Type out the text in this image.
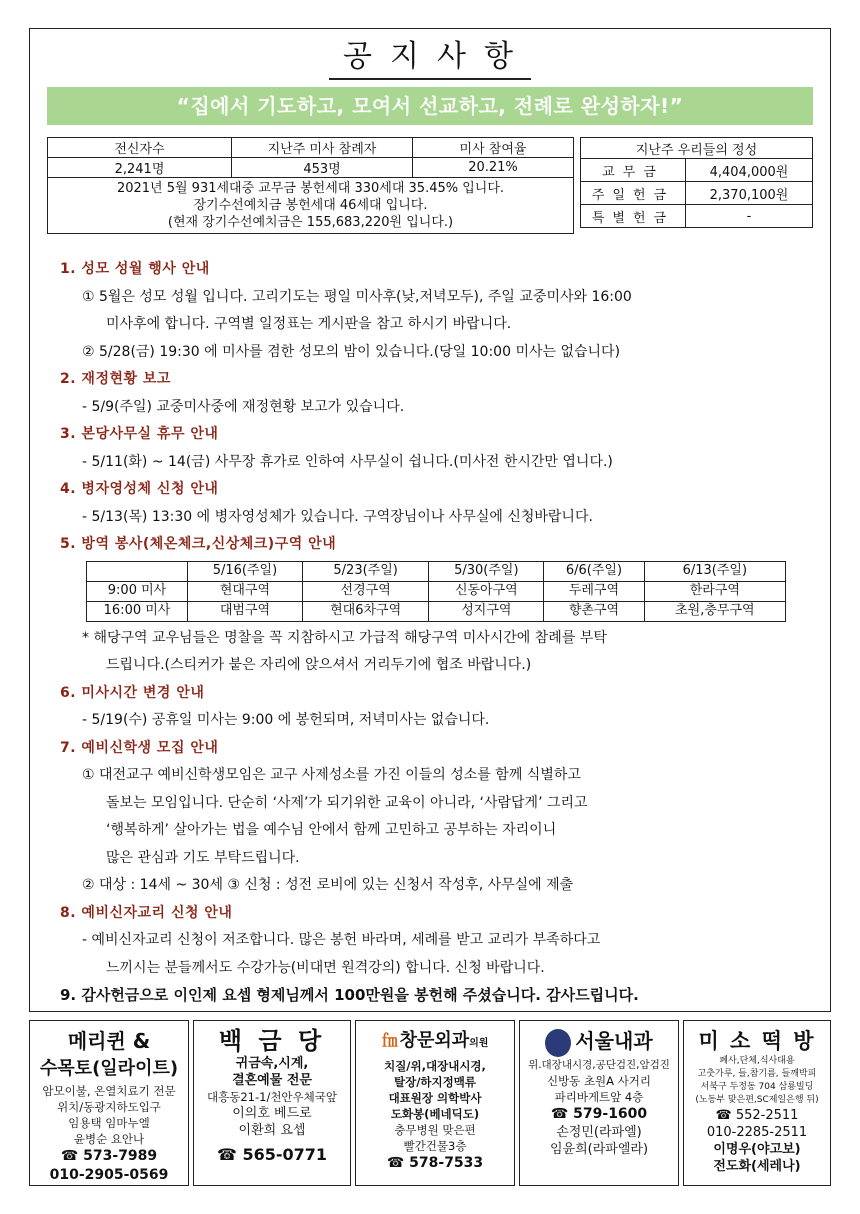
공지사항
“집에서 기도하고, 모여서 선교하고, 전례로 완성하자!”
전신자수	지난주 미사 참례자	미사 참여율
2,241명	453명	20.21%

2021년 5월 931세대중 교무금 봉헌세대 330세대 35.45% 입니다.
장기수선예치금 봉헌세대 46세대 입니다.
(현재 장기수선예치금은 155,683,220원 입니다.)		
지난주 우리들의 정성	
교무금	4,404,000원
주일헌금	2,370,100원
특별헌금	-
1. 성모 성월 행사 안내
① 5월은 성모 성월 입니다. 고리기도는 평일 미사후(낮,저녁모두), 주일 교중미사와 16:00
미사후에 합니다. 구역별 일정표는 게시판을 참고 하시기 바랍니다.
② 5/28(금) 19:30 에 미사를 겸한 성모의 밤이 있습니다.(당일 10:00 미사는 없습니다)
2. 재정현황 보고
- 5/9(주일) 교중미사중에 재정현황 보고가 있습니다.
3. 본당사무실 휴무 안내
- 5/11(화) ~ 14(금) 사무장 휴가로 인하여 사무실이 쉽니다.(미사전 한시간만 엽니다.)
4. 병자영성체 신청 안내
- 5/13(목) 13:30 에 병자영성체가 있습니다. 구역장님이나 사무실에 신청바랍니다.
5. 방역 봉사(체온체크,신상체크)구역 안내
	5/16(주일)	5/23(주일)	5/30(주일)	6/6(주일)	6/13(주일)
9:00 미사	현대구역	선경구역	신동아구역	두레구역	한라구역
16:00 미사	대범구역	현대6차구역	성지구역	향촌구역	초원,충무구역
* 해당구역 교우님들은 명찰을 꼭 지참하시고 가급적 해당구역 미사시간에 참례를 부탁
드립니다.(스티커가 붙은 자리에 앉으셔서 거리두기에 협조 바랍니다.)
6. 미사시간 변경 안내
- 5/19(수) 공휴일 미사는 9:00 에 봉헌되며, 저녁미사는 없습니다.
7. 예비신학생 모집 안내
① 대전교구 예비신학생모임은 교구 사제성소를 가진 이들의 성소를 함께 식별하고
돌보는 모임입니다. 단순히 ‘사제’가 되기위한 교육이 아니라, ‘사람답게’ 그리고
‘행복하게’ 살아가는 법을 예수님 안에서 함께 고민하고 공부하는 자리이니
많은 관심과 기도 부탁드립니다.
② 대상 : 14세 ~ 30세 ③ 신청 : 성전 로비에 있는 신청서 작성후, 사무실에 제출
8. 예비신자교리 신청 안내
- 예비신자교리 신청이 저조합니다. 많은 봉헌 바라며, 세례를 받고 교리가 부족하다고
느끼시는 분들께서도 수강가능(비대면 원격강의) 합니다. 신청 바랍니다.
9. 감사헌금으로 이인제 요셉 형제님께서 100만원을 봉헌해 주셨습니다. 감사드립니다.
메리퀸 &
수목토(일라이트)
암모이불, 온열치료기 전문
위치/동광지하도입구
임용택 임마누엘
윤병순 요안나
☎ 573-7989
010-2905-0569
백 금 당
귀금속,시계,
결혼예물 전문
대흥동21-1/천안우체국앞
이의호 베드로
이환희 요셉
☎ 565-0771
㎙ 창문외과의원
치질/위,대장내시경,
탈장/하지정맥류
대표원장 의학박사
도화봉(베네딕도)
충무병원 맞은편
빨간건물3층
☎ 578-7533
서울내과
위.대장내시경,공단검진,암검진
신방동 초원A 사거리
파리바게트앞 4층
☎ 579-1600
손정민(라파엘)
임윤희(라파엘라)
미 소 떡 방
폐사,단체,식사대용
고춧가루, 들,참기름, 들깨박피
서북구 두정동 704 삼룡빌딩
(노동부 맞은편,SC제일은행 뒤)
☎ 552-2511
010-2285-2511
이명우(야고보)
전도화(세레나)
